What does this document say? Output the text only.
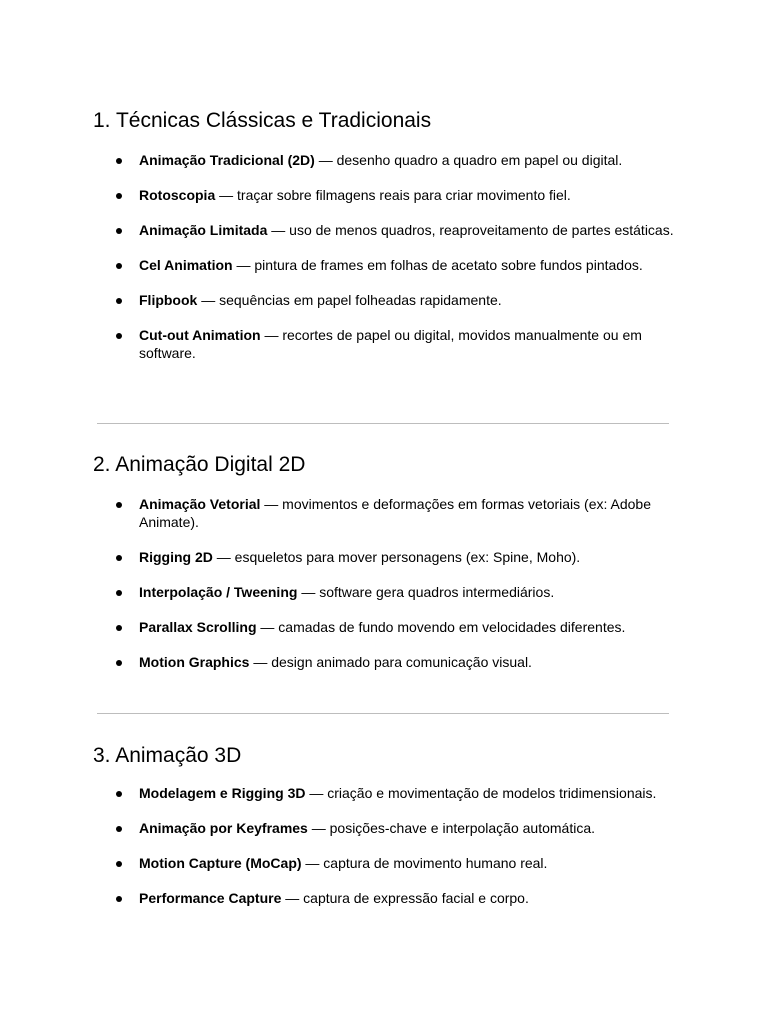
1. Técnicas Clássicas e Tradicionais
Animação Tradicional (2D) — desenho quadro a quadro em papel ou digital.
Rotoscopia — traçar sobre filmagens reais para criar movimento fiel.
Animação Limitada — uso de menos quadros, reaproveitamento de partes estáticas.
Cel Animation — pintura de frames em folhas de acetato sobre fundos pintados.
Flipbook — sequências em papel folheadas rapidamente.
Cut-out Animation — recortes de papel ou digital, movidos manualmente ou em software.
2. Animação Digital 2D
Animação Vetorial — movimentos e deformações em formas vetoriais (ex: Adobe Animate).
Rigging 2D — esqueletos para mover personagens (ex: Spine, Moho).
Interpolação / Tweening — software gera quadros intermediários.
Parallax Scrolling — camadas de fundo movendo em velocidades diferentes.
Motion Graphics — design animado para comunicação visual.
3. Animação 3D
Modelagem e Rigging 3D — criação e movimentação de modelos tridimensionais.
Animação por Keyframes — posições-chave e interpolação automática.
Motion Capture (MoCap) — captura de movimento humano real.
Performance Capture — captura de expressão facial e corpo.
